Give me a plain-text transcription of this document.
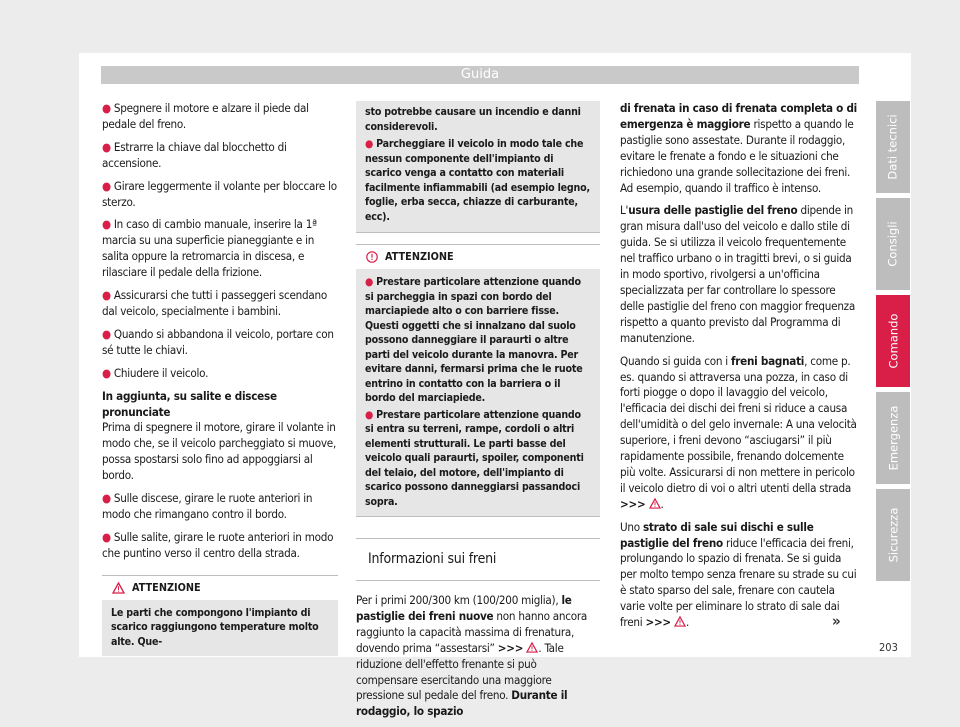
Guida

● Spegnere il motore e alzare il piede dal pedale del freno.

● Estrarre la chiave dal blocchetto di accensione.

● Girare leggermente il volante per bloccare lo sterzo.

● In caso di cambio manuale, inserire la 1ª marcia su una superficie pianeggiante e in salita oppure la retromarcia in discesa, e rilasciare il pedale della frizione.

● Assicurarsi che tutti i passeggeri scendano dal veicolo, specialmente i bambini.

● Quando si abbandona il veicolo, portare con sé tutte le chiavi.

● Chiudere il veicolo.

In aggiunta, su salite e discese pronunciate

Prima di spegnere il motore, girare il volante in modo che, se il veicolo parcheggiato si muove, possa spostarsi solo fino ad appoggiarsi al bordo.

● Sulle discese, girare le ruote anteriori in modo che rimangano contro il bordo.

● Sulle salite, girare le ruote anteriori in modo che puntino verso il centro della strada.

ATTENZIONE
Le parti che compongono l'impianto di scarico raggiungono temperature molto alte. Que-
sto potrebbe causare un incendio e danni considerevoli.
● Parcheggiare il veicolo in modo tale che nessun componente dell'impianto di scarico venga a contatto con materiali facilmente infiammabili (ad esempio legno, foglie, erba secca, chiazze di carburante, ecc).
ATTENZIONE
● Prestare particolare attenzione quando si parcheggia in spazi con bordo del marciapiede alto o con barriere fisse. Questi oggetti che si innalzano dal suolo possono danneggiare il paraurti o altre parti del veicolo durante la manovra. Per evitare danni, fermarsi prima che le ruote entrino in contatto con la barriera o il bordo del marciapiede.
● Prestare particolare attenzione quando si entra su terreni, rampe, cordoli o altri elementi strutturali. Le parti basse del veicolo quali paraurti, spoiler, componenti del telaio, del motore, dell'impianto di scarico possono danneggiarsi passandoci sopra.
Informazioni sui freni

Per i primi 200/300 km (100/200 miglia), le pastiglie dei freni nuove non hanno ancora raggiunto la capacità massima di frenatura, dovendo prima “assestarsi” >>> . Tale riduzione dell'effetto frenante si può compensare esercitando una maggiore pressione sul pedale del freno. Durante il rodaggio, lo spazio

di frenata in caso di frenata completa o di emergenza è maggiore rispetto a quando le pastiglie sono assestate. Durante il rodaggio, evitare le frenate a fondo e le situazioni che richiedono una grande sollecitazione dei freni. Ad esempio, quando il traffico è intenso.

L'usura delle pastiglie del freno dipende in gran misura dall'uso del veicolo e dallo stile di guida. Se si utilizza il veicolo frequentemente nel traffico urbano o in tragitti brevi, o si guida in modo sportivo, rivolgersi a un'officina specializzata per far controllare lo spessore delle pastiglie del freno con maggior frequenza rispetto a quanto previsto dal Programma di manutenzione.

Quando si guida con i freni bagnati, come p. es. quando si attraversa una pozza, in caso di forti piogge o dopo il lavaggio del veicolo, l'efficacia dei dischi dei freni si riduce a causa dell'umidità o del gelo invernale: A una velocità superiore, i freni devono “asciugarsi” il più rapidamente possibile, frenando dolcemente più volte. Assicurarsi di non mettere in pericolo il veicolo dietro di voi o altri utenti della strada >>> .

Uno strato di sale sui dischi e sulle pastiglie del freno riduce l'efficacia dei freni, prolungando lo spazio di frenata. Se si guida per molto tempo senza frenare su strade su cui è stato sparso del sale, frenare con cautela varie volte per eliminare lo strato di sale dai freni >>> .	»
Dati tecnici
Consigli
Comando
Emergenza
Sicurezza
203
